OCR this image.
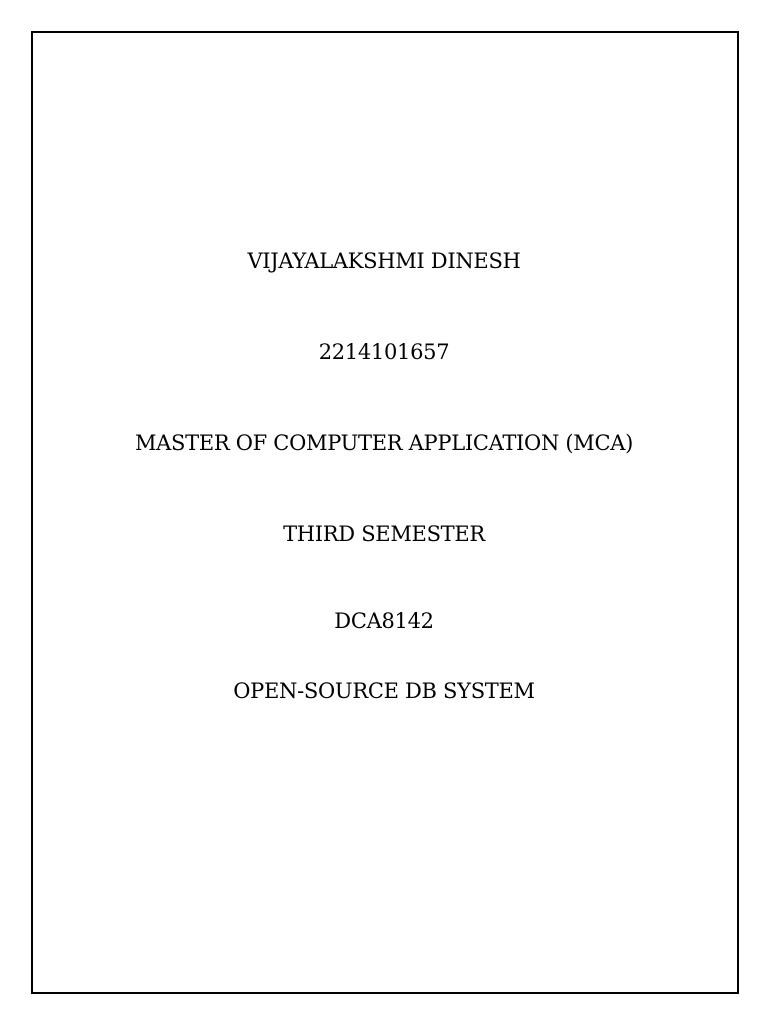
VIJAYALAKSHMI DINESH
2214101657
MASTER OF COMPUTER APPLICATION (MCA)
THIRD SEMESTER
DCA8142
OPEN-SOURCE DB SYSTEM
